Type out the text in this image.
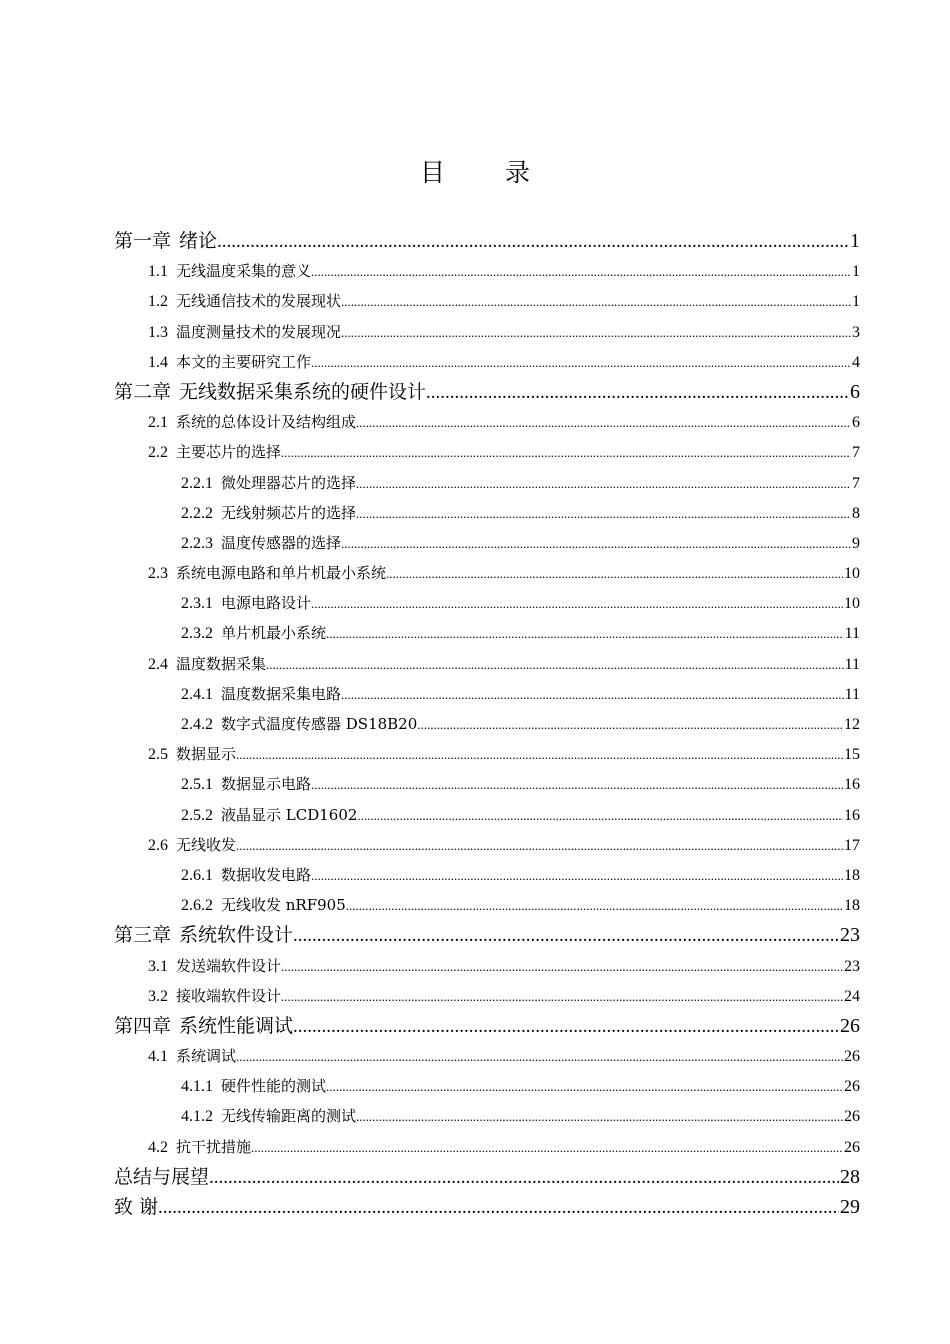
目 录
第一章 绪论 .....	1
1.1 无线温度采集的意义 .....	1
1.2 无线通信技术的发展现状 .....	1
1.3 温度测量技术的发展现况 .....	3
1.4 本文的主要研究工作 .....	4
第二章 无线数据采集系统的硬件设计 .....	6
2.1 系统的总体设计及结构组成 .....	6
2.2 主要芯片的选择 .....	7
2.2.1 微处理器芯片的选择 .....	7
2.2.2 无线射频芯片的选择 .....	8
2.2.3 温度传感器的选择 .....	9
2.3 系统电源电路和单片机最小系统 .....	10
2.3.1 电源电路设计 .....	10
2.3.2 单片机最小系统 .....	11
2.4 温度数据采集 .....	11
2.4.1 温度数据采集电路 .....	11
2.4.2 数字式温度传感器 DS18B20 .....	12
2.5 数据显示 .....	15
2.5.1 数据显示电路 .....	16
2.5.2 液晶显示 LCD1602 .....	16
2.6 无线收发 .....	17
2.6.1 数据收发电路 .....	18
2.6.2 无线收发 nRF905 .....	18
第三章 系统软件设计 .....	23
3.1 发送端软件设计 .....	23
3.2 接收端软件设计 .....	24
第四章 系统性能调试 .....	26
4.1 系统调试 .....	26
4.1.1 硬件性能的测试 .....	26
4.1.2 无线传输距离的测试 .....	26
4.2 抗干扰措施 .....	26
总结与展望 .....	28
致 谢 .....	29
